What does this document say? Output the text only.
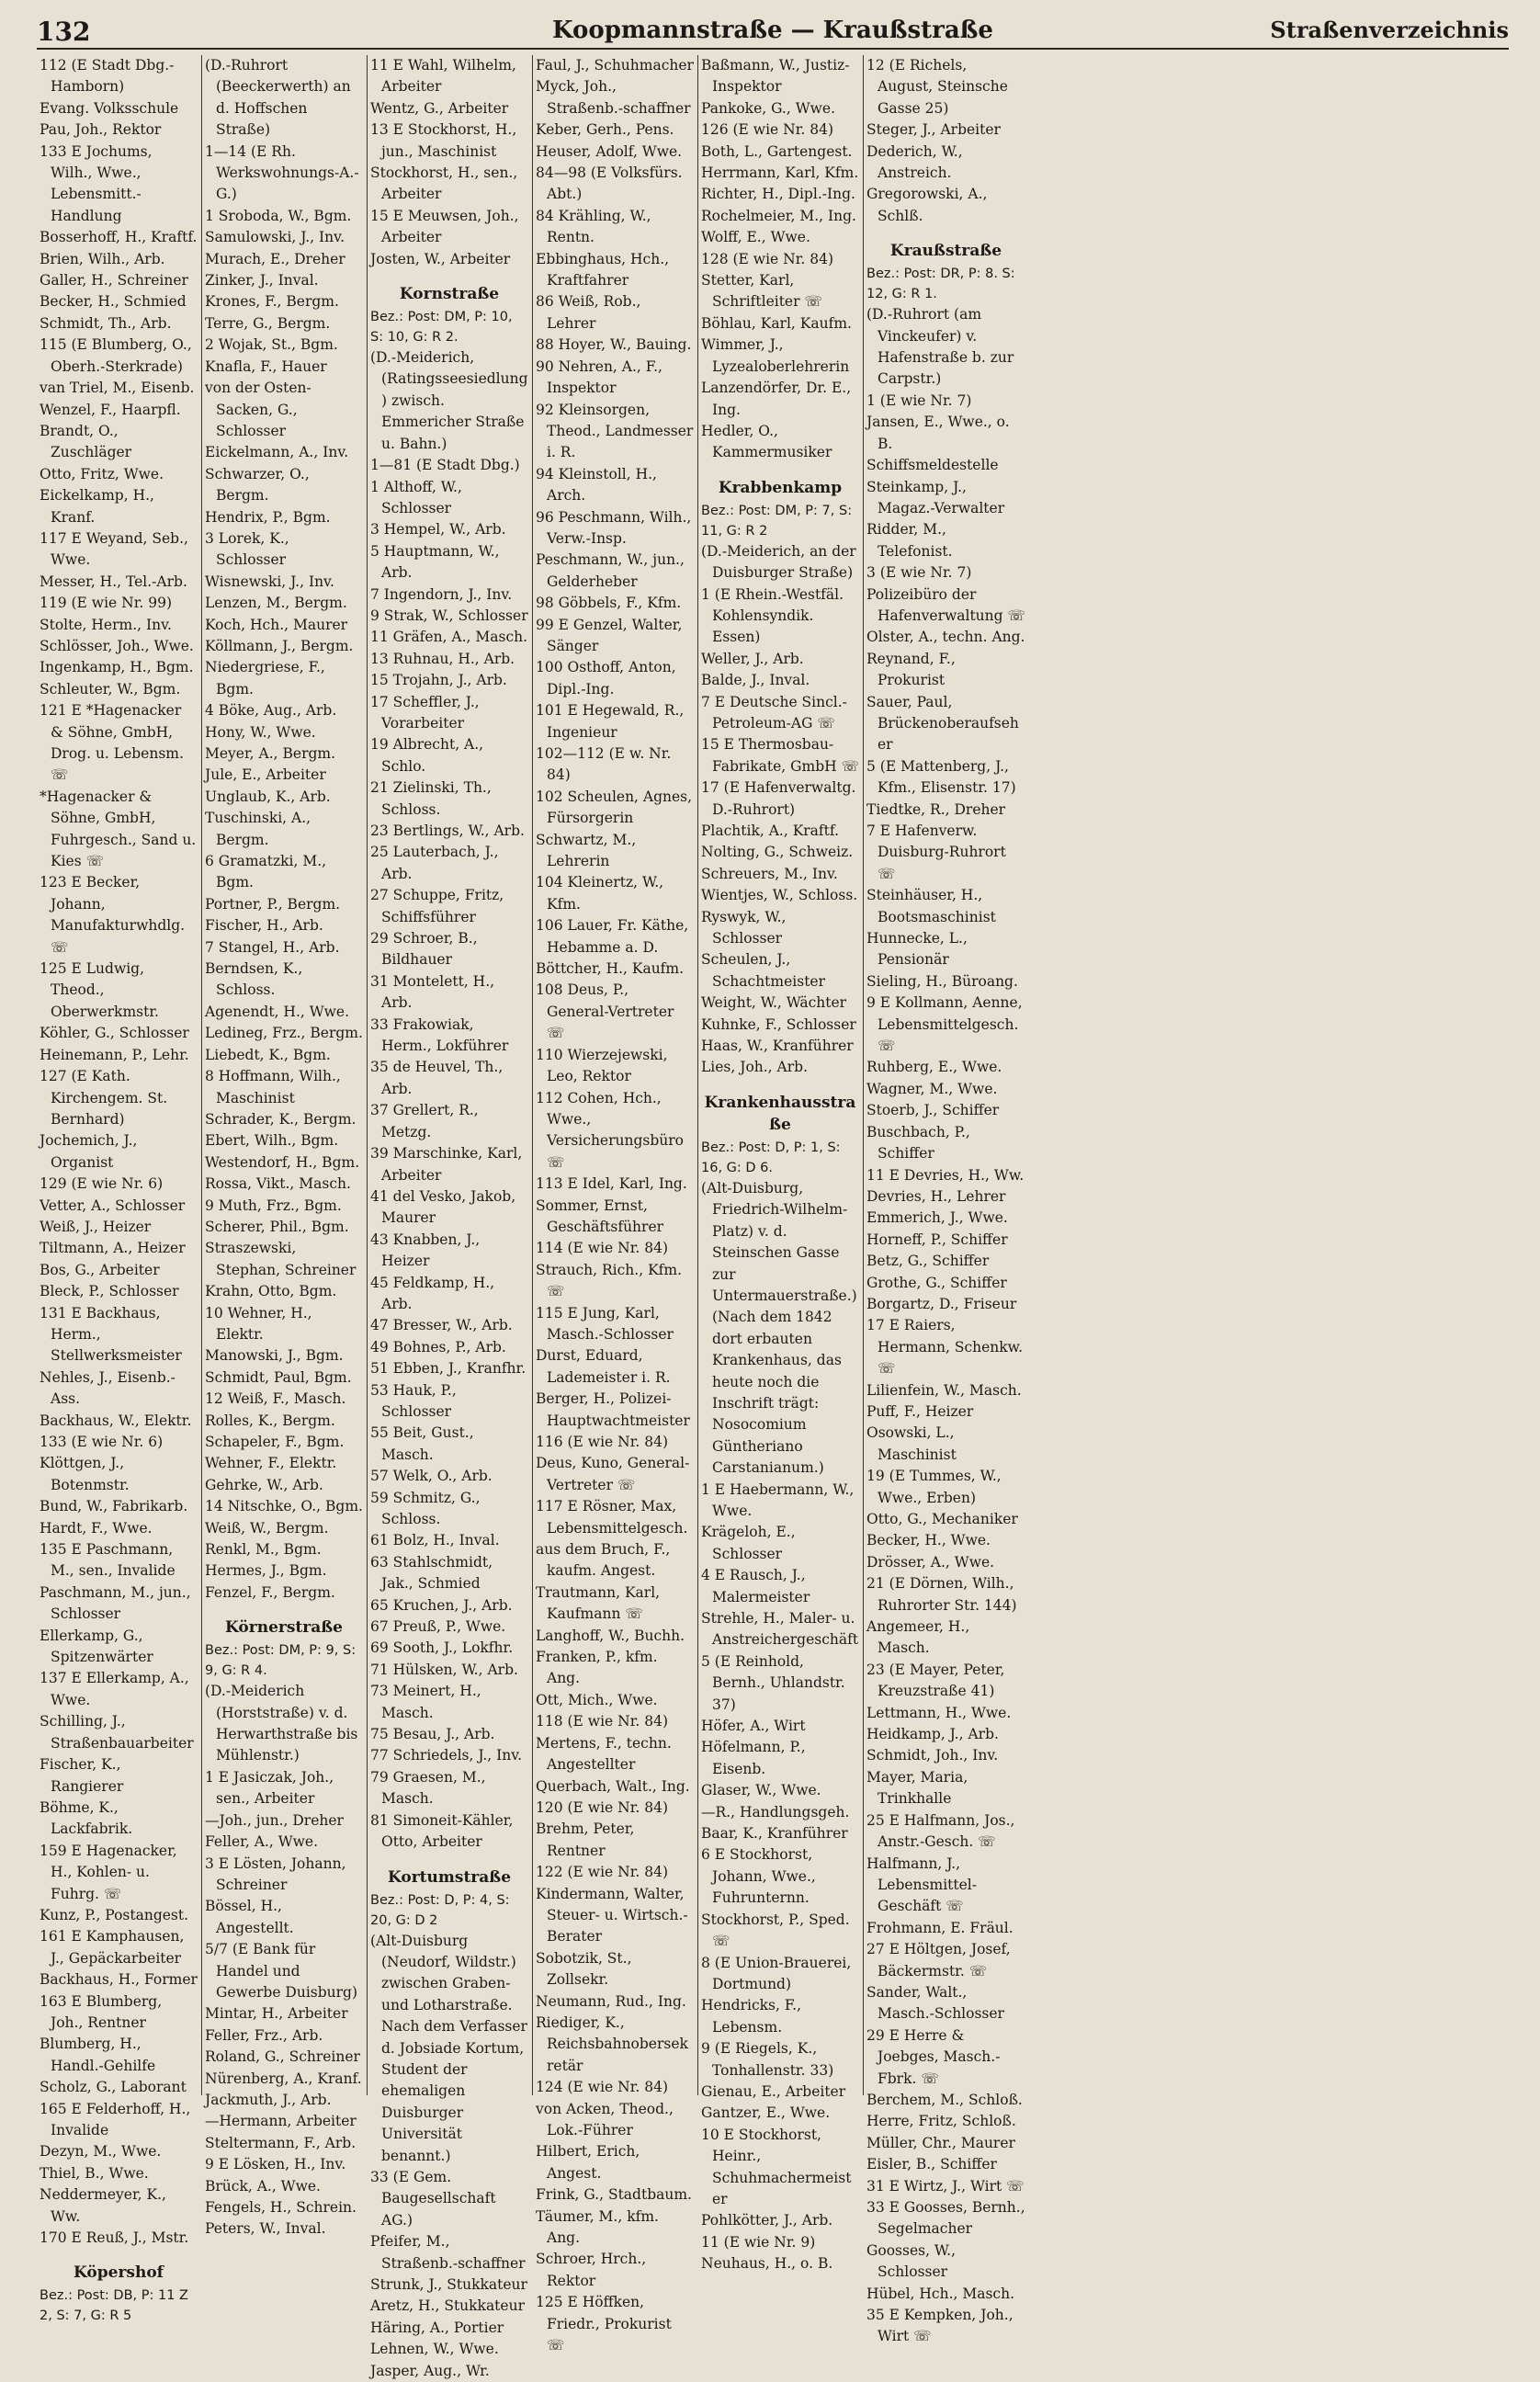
132	Koopmannstraße — Kraußstraße	Straßenverzeichnis

112 (E Stadt Dbg.-Hamborn)

Evang. Volksschule

Pau, Joh., Rektor

133 E Jochums, Wilh., Wwe., Lebensmitt.-Handlung

Bosserhoff, H., Kraftf.

Brien, Wilh., Arb.

Galler, H., Schreiner

Becker, H., Schmied

Schmidt, Th., Arb.

115 (E Blumberg, O., Oberh.-Sterkrade)

van Triel, M., Eisenb.

Wenzel, F., Haarpfl.

Brandt, O., Zuschläger

Otto, Fritz, Wwe.

Eickelkamp, H., Kranf.

117 E Weyand, Seb., Wwe.

Messer, H., Tel.-Arb.

119 (E wie Nr. 99)

Stolte, Herm., Inv.

Schlösser, Joh., Wwe.

Ingenkamp, H., Bgm.

Schleuter, W., Bgm.

121 E *Hagenacker & Söhne, GmbH, Drog. u. Lebensm. ☏

*Hagenacker & Söhne, GmbH, Fuhrgesch., Sand u. Kies ☏

123 E Becker, Johann, Manufakturwhdlg. ☏

125 E Ludwig, Theod., Oberwerkmstr.

Köhler, G., Schlosser

Heinemann, P., Lehr.

127 (E Kath. Kirchengem. St. Bernhard)

Jochemich, J., Organist

129 (E wie Nr. 6)

Vetter, A., Schlosser

Weiß, J., Heizer

Tiltmann, A., Heizer

Bos, G., Arbeiter

Bleck, P., Schlosser

131 E Backhaus, Herm., Stellwerksmeister

Nehles, J., Eisenb.-Ass.

Backhaus, W., Elektr.

133 (E wie Nr. 6)

Klöttgen, J., Botenmstr.

Bund, W., Fabrikarb.

Hardt, F., Wwe.

135 E Paschmann, M., sen., Invalide

Paschmann, M., jun., Schlosser

Ellerkamp, G., Spitzenwärter

137 E Ellerkamp, A., Wwe.

Schilling, J., Straßenbauarbeiter

Fischer, K., Rangierer

Böhme, K., Lackfabrik.

159 E Hagenacker, H., Kohlen- u. Fuhrg. ☏

Kunz, P., Postangest.

161 E Kamphausen, J., Gepäckarbeiter

Backhaus, H., Former

163 E Blumberg, Joh., Rentner

Blumberg, H., Handl.-Gehilfe

Scholz, G., Laborant

165 E Felderhoff, H., Invalide

Dezyn, M., Wwe.

Thiel, B., Wwe.

Neddermeyer, K., Ww.

170 E Reuß, J., Mstr.

Köpershof

Bez.: Post: DB, P: 11 Z 2, S: 7, G: R 5

(D.-Ruhrort (Beeckerwerth) an d. Hoffschen Straße)

1—14 (E Rh. Werkswohnungs-A.-G.)

1 Sroboda, W., Bgm.

Samulowski, J., Inv.

Murach, E., Dreher

Zinker, J., Inval.

Krones, F., Bergm.

Terre, G., Bergm.

2 Wojak, St., Bgm.

Knafla, F., Hauer

von der Osten-Sacken, G., Schlosser

Eickelmann, A., Inv.

Schwarzer, O., Bergm.

Hendrix, P., Bgm.

3 Lorek, K., Schlosser

Wisnewski, J., Inv.

Lenzen, M., Bergm.

Koch, Hch., Maurer

Köllmann, J., Bergm.

Niedergriese, F., Bgm.

4 Böke, Aug., Arb.

Hony, W., Wwe.

Meyer, A., Bergm.

Jule, E., Arbeiter

Unglaub, K., Arb.

Tuschinski, A., Bergm.

6 Gramatzki, M., Bgm.

Portner, P., Bergm.

Fischer, H., Arb.

7 Stangel, H., Arb.

Berndsen, K., Schloss.

Agenendt, H., Wwe.

Ledineg, Frz., Bergm.

Liebedt, K., Bgm.

8 Hoffmann, Wilh., Maschinist

Schrader, K., Bergm.

Ebert, Wilh., Bgm.

Westendorf, H., Bgm.

Rossa, Vikt., Masch.

9 Muth, Frz., Bgm.

Scherer, Phil., Bgm.

Straszewski, Stephan, Schreiner

Krahn, Otto, Bgm.

10 Wehner, H., Elektr.

Manowski, J., Bgm.

Schmidt, Paul, Bgm.

12 Weiß, F., Masch.

Rolles, K., Bergm.

Schapeler, F., Bgm.

Wehner, F., Elektr.

Gehrke, W., Arb.

14 Nitschke, O., Bgm.

Weiß, W., Bergm.

Renkl, M., Bgm.

Hermes, J., Bgm.

Fenzel, F., Bergm.

Körnerstraße

Bez.: Post: DM, P: 9, S: 9, G: R 4.

(D.-Meiderich (Horststraße) v. d. Herwarthstraße bis Mühlenstr.)

1 E Jasiczak, Joh., sen., Arbeiter

—Joh., jun., Dreher

Feller, A., Wwe.

3 E Lösten, Johann, Schreiner

Bössel, H., Angestellt.

5/7 (E Bank für Handel und Gewerbe Duisburg)

Mintar, H., Arbeiter

Feller, Frz., Arb.

Roland, G., Schreiner

Nürenberg, A., Kranf.

Jackmuth, J., Arb.

—Hermann, Arbeiter

Steltermann, F., Arb.

9 E Lösken, H., Inv.

Brück, A., Wwe.

Fengels, H., Schrein.

Peters, W., Inval.

11 E Wahl, Wilhelm, Arbeiter

Wentz, G., Arbeiter

13 E Stockhorst, H., jun., Maschinist

Stockhorst, H., sen., Arbeiter

15 E Meuwsen, Joh., Arbeiter

Josten, W., Arbeiter

Kornstraße

Bez.: Post: DM, P: 10, S: 10, G: R 2.

(D.-Meiderich, (Ratingsseesiedlung) zwisch. Emmericher Straße u. Bahn.)

1—81 (E Stadt Dbg.)

1 Althoff, W., Schlosser

3 Hempel, W., Arb.

5 Hauptmann, W., Arb.

7 Ingendorn, J., Inv.

9 Strak, W., Schlosser

11 Gräfen, A., Masch.

13 Ruhnau, H., Arb.

15 Trojahn, J., Arb.

17 Scheffler, J., Vorarbeiter

19 Albrecht, A., Schlo.

21 Zielinski, Th., Schloss.

23 Bertlings, W., Arb.

25 Lauterbach, J., Arb.

27 Schuppe, Fritz, Schiffsführer

29 Schroer, B., Bildhauer

31 Montelett, H., Arb.

33 Frakowiak, Herm., Lokführer

35 de Heuvel, Th., Arb.

37 Grellert, R., Metzg.

39 Marschinke, Karl, Arbeiter

41 del Vesko, Jakob, Maurer

43 Knabben, J., Heizer

45 Feldkamp, H., Arb.

47 Bresser, W., Arb.

49 Bohnes, P., Arb.

51 Ebben, J., Kranfhr.

53 Hauk, P., Schlosser

55 Beit, Gust., Masch.

57 Welk, O., Arb.

59 Schmitz, G., Schloss.

61 Bolz, H., Inval.

63 Stahlschmidt, Jak., Schmied

65 Kruchen, J., Arb.

67 Preuß, P., Wwe.

69 Sooth, J., Lokfhr.

71 Hülsken, W., Arb.

73 Meinert, H., Masch.

75 Besau, J., Arb.

77 Schriedels, J., Inv.

79 Graesen, M., Masch.

81 Simoneit-Kähler, Otto, Arbeiter

Kortumstraße

Bez.: Post: D, P: 4, S: 20, G: D 2

(Alt-Duisburg (Neudorf, Wildstr.) zwischen Graben- und Lotharstraße. Nach dem Verfasser d. Jobsiade Kortum, Student der ehemaligen Duisburger Universität benannt.)

33 (E Gem. Baugesellschaft AG.)

Pfeifer, M., Straßenb.-schaffner

Strunk, J., Stukkateur

Aretz, H., Stukkateur

Häring, A., Portier

Lehnen, W., Wwe.

Jasper, Aug., Wr.

Faul, J., Schuhmacher

Myck, Joh., Straßenb.-schaffner

Keber, Gerh., Pens.

Heuser, Adolf, Wwe.

84—98 (E Volksfürs. Abt.)

84 Krähling, W., Rentn.

Ebbinghaus, Hch., Kraftfahrer

86 Weiß, Rob., Lehrer

88 Hoyer, W., Bauing.

90 Nehren, A., F., Inspektor

92 Kleinsorgen, Theod., Landmesser i. R.

94 Kleinstoll, H., Arch.

96 Peschmann, Wilh., Verw.-Insp.

Peschmann, W., jun., Gelderheber

98 Göbbels, F., Kfm.

99 E Genzel, Walter, Sänger

100 Osthoff, Anton, Dipl.-Ing.

101 E Hegewald, R., Ingenieur

102—112 (E w. Nr. 84)

102 Scheulen, Agnes, Fürsorgerin

Schwartz, M., Lehrerin

104 Kleinertz, W., Kfm.

106 Lauer, Fr. Käthe, Hebamme a. D.

Böttcher, H., Kaufm.

108 Deus, P., General-Vertreter ☏

110 Wierzejewski, Leo, Rektor

112 Cohen, Hch., Wwe., Versicherungsbüro ☏

113 E Idel, Karl, Ing.

Sommer, Ernst, Geschäftsführer

114 (E wie Nr. 84)

Strauch, Rich., Kfm. ☏

115 E Jung, Karl, Masch.-Schlosser

Durst, Eduard, Lademeister i. R.

Berger, H., Polizei-Hauptwachtmeister

116 (E wie Nr. 84)

Deus, Kuno, General-Vertreter ☏

117 E Rösner, Max, Lebensmittelgesch.

aus dem Bruch, F., kaufm. Angest.

Trautmann, Karl, Kaufmann ☏

Langhoff, W., Buchh.

Franken, P., kfm. Ang.

Ott, Mich., Wwe.

118 (E wie Nr. 84)

Mertens, F., techn. Angestellter

Querbach, Walt., Ing.

120 (E wie Nr. 84)

Brehm, Peter, Rentner

122 (E wie Nr. 84)

Kindermann, Walter, Steuer- u. Wirtsch.-Berater

Sobotzik, St., Zollsekr.

Neumann, Rud., Ing.

Riediger, K., Reichsbahnobersekretär

124 (E wie Nr. 84)

von Acken, Theod., Lok.-Führer

Hilbert, Erich, Angest.

Frink, G., Stadtbaum.

Täumer, M., kfm. Ang.

Schroer, Hrch., Rektor

125 E Höffken, Friedr., Prokurist ☏

Baßmann, W., Justiz-Inspektor

Pankoke, G., Wwe.

126 (E wie Nr. 84)

Both, L., Gartengest.

Herrmann, Karl, Kfm.

Richter, H., Dipl.-Ing.

Rochelmeier, M., Ing.

Wolff, E., Wwe.

128 (E wie Nr. 84)

Stetter, Karl, Schriftleiter ☏

Böhlau, Karl, Kaufm.

Wimmer, J., Lyzealoberlehrerin

Lanzendörfer, Dr. E., Ing.

Hedler, O., Kammermusiker

Krabbenkamp

Bez.: Post: DM, P: 7, S: 11, G: R 2

(D.-Meiderich, an der Duisburger Straße)

1 (E Rhein.-Westfäl. Kohlensyndik. Essen)

Weller, J., Arb.

Balde, J., Inval.

7 E Deutsche Sincl.-Petroleum-AG ☏

15 E Thermosbau-Fabrikate, GmbH ☏

17 (E Hafenverwaltg. D.-Ruhrort)

Plachtik, A., Kraftf.

Nolting, G., Schweiz.

Schreuers, M., Inv.

Wientjes, W., Schloss.

Ryswyk, W., Schlosser

Scheulen, J., Schachtmeister

Weight, W., Wächter

Kuhnke, F., Schlosser

Haas, W., Kranführer

Lies, Joh., Arb.

Krankenhausstraße

Bez.: Post: D, P: 1, S: 16, G: D 6.

(Alt-Duisburg, Friedrich-Wilhelm-Platz) v. d. Steinschen Gasse zur Untermauerstraße.) (Nach dem 1842 dort erbauten Krankenhaus, das heute noch die Inschrift trägt: Nosocomium Güntheriano Carstanianum.)

1 E Haebermann, W., Wwe.

Krägeloh, E., Schlosser

4 E Rausch, J., Malermeister

Strehle, H., Maler- u. Anstreichergeschäft

5 (E Reinhold, Bernh., Uhlandstr. 37)

Höfer, A., Wirt

Höfelmann, P., Eisenb.

Glaser, W., Wwe.

—R., Handlungsgeh.

Baar, K., Kranführer

6 E Stockhorst, Johann, Wwe., Fuhrunternn.

Stockhorst, P., Sped. ☏

8 (E Union-Brauerei, Dortmund)

Hendricks, F., Lebensm.

9 (E Riegels, K., Tonhallenstr. 33)

Gienau, E., Arbeiter

Gantzer, E., Wwe.

10 E Stockhorst, Heinr., Schuhmachermeister

Pohlkötter, J., Arb.

11 (E wie Nr. 9)

Neuhaus, H., o. B.

12 (E Richels, August, Steinsche Gasse 25)

Steger, J., Arbeiter

Dederich, W., Anstreich.

Gregorowski, A., Schlß.

Kraußstraße

Bez.: Post: DR, P: 8. S: 12, G: R 1.

(D.-Ruhrort (am Vinckeufer) v. Hafenstraße b. zur Carpstr.)

1 (E wie Nr. 7)

Jansen, E., Wwe., o. B.

Schiffsmeldestelle

Steinkamp, J., Magaz.-Verwalter

Ridder, M., Telefonist.

3 (E wie Nr. 7)

Polizeibüro der Hafenverwaltung ☏

Olster, A., techn. Ang.

Reynand, F., Prokurist

Sauer, Paul, Brückenoberaufseher

5 (E Mattenberg, J., Kfm., Elisenstr. 17)

Tiedtke, R., Dreher

7 E Hafenverw. Duisburg-Ruhrort ☏

Steinhäuser, H., Bootsmaschinist

Hunnecke, L., Pensionär

Sieling, H., Büroang.

9 E Kollmann, Aenne, Lebensmittelgesch. ☏

Ruhberg, E., Wwe.

Wagner, M., Wwe.

Stoerb, J., Schiffer

Buschbach, P., Schiffer

11 E Devries, H., Ww.

Devries, H., Lehrer

Emmerich, J., Wwe.

Horneff, P., Schiffer

Betz, G., Schiffer

Grothe, G., Schiffer

Borgartz, D., Friseur

17 E Raiers, Hermann, Schenkw. ☏

Lilienfein, W., Masch.

Puff, F., Heizer

Osowski, L., Maschinist

19 (E Tummes, W., Wwe., Erben)

Otto, G., Mechaniker

Becker, H., Wwe.

Drösser, A., Wwe.

21 (E Dörnen, Wilh., Ruhrorter Str. 144)

Angemeer, H., Masch.

23 (E Mayer, Peter, Kreuzstraße 41)

Lettmann, H., Wwe.

Heidkamp, J., Arb.

Schmidt, Joh., Inv.

Mayer, Maria, Trinkhalle

25 E Halfmann, Jos., Anstr.-Gesch. ☏

Halfmann, J., Lebensmittel-Geschäft ☏

Frohmann, E. Fräul.

27 E Höltgen, Josef, Bäckermstr. ☏

Sander, Walt., Masch.-Schlosser

29 E Herre & Joebges, Masch.-Fbrk. ☏

Berchem, M., Schloß.

Herre, Fritz, Schloß.

Müller, Chr., Maurer

Eisler, B., Schiffer

31 E Wirtz, J., Wirt ☏

33 E Goosses, Bernh., Segelmacher

Goosses, W., Schlosser

Hübel, Hch., Masch.

35 E Kempken, Joh., Wirt ☏
